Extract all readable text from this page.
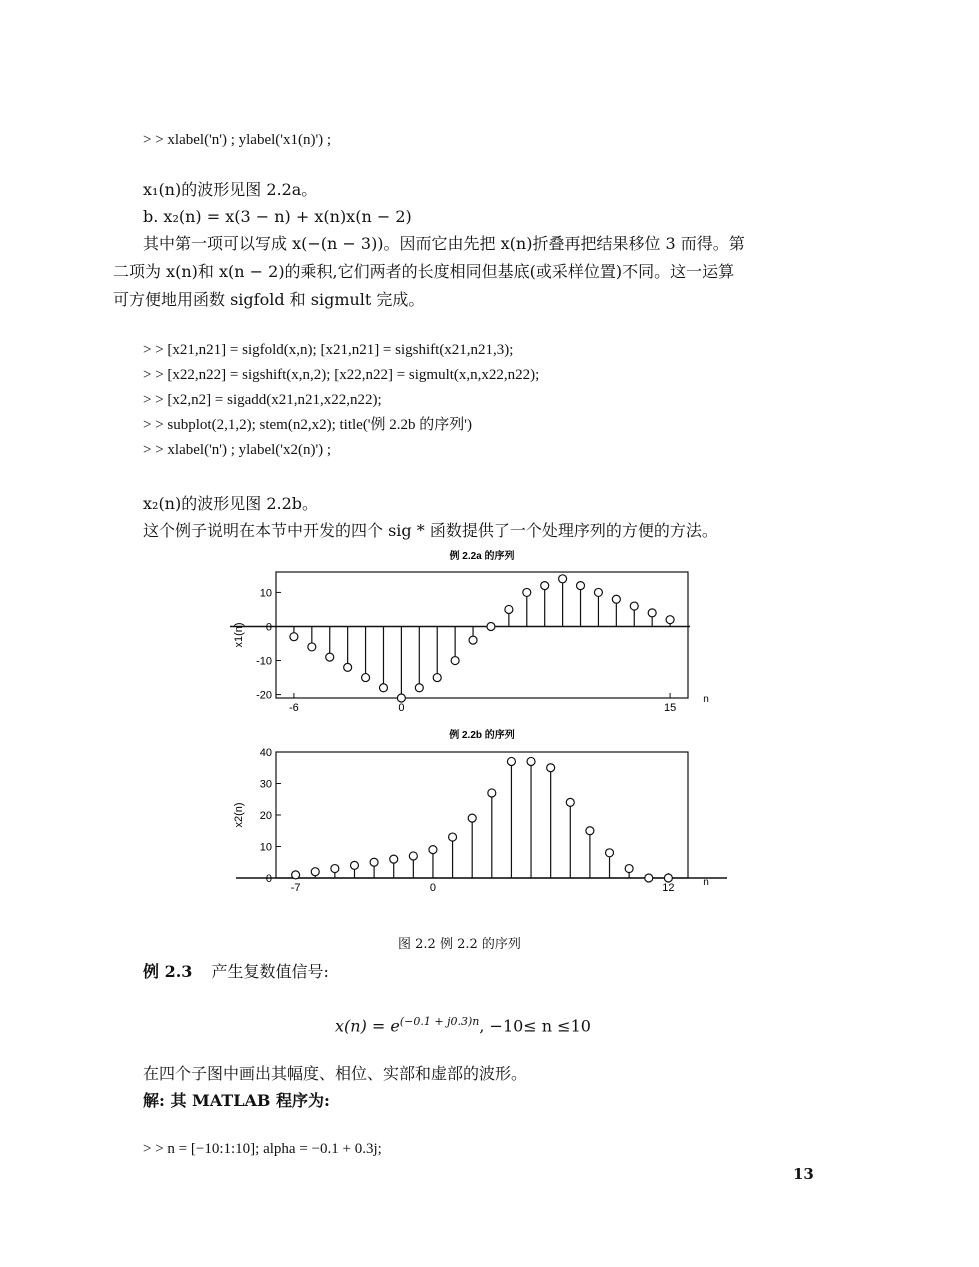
> > xlabel('n') ; ylabel('x1(n)') ;
x₁(n)的波形见图 2.2a。
b. x₂(n) = x(3 − n) + x(n)x(n − 2)
其中第一项可以写成 x(−(n − 3))。因而它由先把 x(n)折叠再把结果移位 3 而得。第
二项为 x(n)和 x(n − 2)的乘积,它们两者的长度相同但基底(或采样位置)不同。这一运算
可方便地用函数 sigfold 和 sigmult 完成。
> > [x21,n21] = sigfold(x,n); [x21,n21] = sigshift(x21,n21,3);
> > [x22,n22] = sigshift(x,n,2); [x22,n22] = sigmult(x,n,x22,n22);
> > [x2,n2] = sigadd(x21,n21,x22,n22);
> > subplot(2,1,2); stem(n2,x2); title('例 2.2b 的序列')
> > xlabel('n') ; ylabel('x2(n)') ;
x₂(n)的波形见图 2.2b。
这个例子说明在本节中开发的四个 sig * 函数提供了一个处理序列的方便的方法。
例 2.2a 的序列
-20
-10
0
10
-6	0	15
x1(n)
n
例 2.2b 的序列
0
10
20
30
40
-7	0	12
x2(n)
n
图 2.2 例 2.2 的序列
例 2.3 产生复数值信号:
$x(n) = e^{(-0.1 + j0.3)n}$, −10≤ n ≤10
在四个子图中画出其幅度、相位、实部和虚部的波形。
解: 其 MATLAB 程序为:
> > n = [−10:1:10]; alpha = −0.1 + 0.3j;
13
